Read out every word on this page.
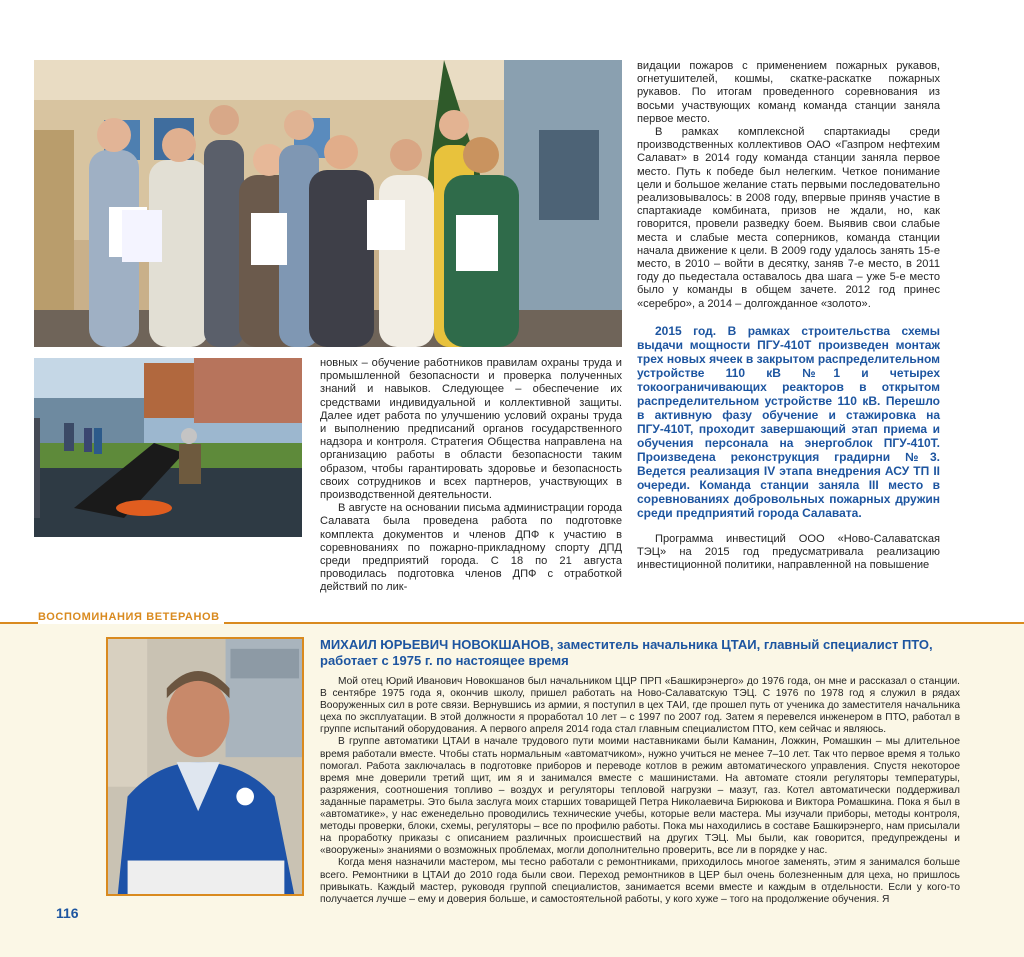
новных – обучение работников правилам охраны труда и промышленной безопасности и проверка полученных знаний и навыков. Следующее – обеспечение их средствами индивидуальной и коллективной защиты. Далее идет работа по улучшению условий охраны труда и выполнению предписаний органов государственного надзора и контроля. Стратегия Общества направлена на организацию работы в области безопасности таким образом, чтобы гарантировать здоровье и безопасность своих сотрудников и всех партнеров, участвующих в производственной деятельности.

В августе на основании письма администрации города Салавата была проведена работа по подготовке комплекта документов и членов ДПФ к участию в соревнованиях по пожарно-прикладному спорту ДПД среди предприятий города. С 18 по 21 августа проводилась подготовка членов ДПФ с отработкой действий по лик-

видации пожаров с применением пожарных рукавов, огнетушителей, кошмы, скатке-раскатке пожарных рукавов. По итогам проведенного соревнования из восьми участвующих команд команда станции заняла первое место.

В рамках комплексной спартакиады среди производственных коллективов ОАО «Газпром нефтехим Салават» в 2014 году команда станции заняла первое место. Путь к победе был нелегким. Четкое понимание цели и большое желание стать первыми последовательно реализовывалось: в 2008 году, впервые приняв участие в спартакиаде комбината, призов не ждали, но, как говорится, провели разведку боем. Выявив свои слабые места и слабые места соперников, команда станции начала движение к цели. В 2009 году удалось занять 15-е место, в 2010 – войти в десятку, заняв 7-е место, в 2011 году до пьедестала оставалось два шага – уже 5-е место было у команды в общем зачете. 2012 год принес «серебро», а 2014 – долгожданное «золото».

2015 год. В рамках строительства схемы выдачи мощности ПГУ-410Т произведен монтаж трех новых ячеек в закрытом распределительном устройстве 110 кВ №1 и четырех токоограничивающих реакторов в открытом распределительном устройстве 110 кВ. Перешло в активную фазу обучение и стажировка на ПГУ-410Т, проходит завершающий этап приема и обучения персонала на энергоблок ПГУ-410Т. Произведена реконструкция градирни №3. Ведется реализация IV этапа внедрения АСУ ТП II очереди. Команда станции заняла III место в соревнованиях добровольных пожарных дружин среди предприятий города Салавата.

Программа инвестиций ООО «Ново-Салаватская ТЭЦ» на 2015 год предусматривала реализацию инвестиционной политики, направленной на повышение

ВОСПОМИНАНИЯ ВЕТЕРАНОВ
МИХАИЛ ЮРЬЕВИЧ НОВОКШАНОВ, заместитель начальника ЦТАИ, главный специалист ПТО, работает с 1975 г. по настоящее время

Мой отец Юрий Иванович Новокшанов был начальником ЦЦР ПРП «Башкирэнерго» до 1976 года, он мне и рассказал о станции. В сентябре 1975 года я, окончив школу, пришел работать на Ново-Салаватскую ТЭЦ. С 1976 по 1978 год я служил в рядах Вооруженных сил в роте связи. Вернувшись из армии, я поступил в цех ТАИ, где прошел путь от ученика до заместителя начальника цеха по эксплуатации. В этой должности я проработал 10 лет – с 1997 по 2007 год. Затем я перевелся инженером в ПТО, работал в группе испытаний оборудования. А первого апреля 2014 года стал главным специалистом ПТО, кем сейчас и являюсь.

В группе автоматики ЦТАИ в начале трудового пути моими наставниками были Каманин, Ложкин, Ромашкин – мы длительное время работали вместе. Чтобы стать нормальным «автоматчиком», нужно учиться не менее 7–10 лет. Так что первое время я только помогал. Работа заключалась в подготовке приборов и переводе котлов в режим автоматического управления. Спустя некоторое время мне доверили третий щит, им я и занимался вместе с машинистами. На автомате стояли регуляторы температуры, разряжения, соотношения топливо – воздух и регуляторы тепловой нагрузки – мазут, газ. Котел автоматически поддерживал заданные параметры. Это была заслуга моих старших товарищей Петра Николаевича Бирюкова и Виктора Ромашкина. Пока я был в «автоматике», у нас еженедельно проводились технические учебы, которые вели мастера. Мы изучали приборы, методы контроля, методы проверки, блоки, схемы, регуляторы – все по профилю работы. Пока мы находились в составе Башкирэнерго, нам присылали на проработку приказы с описанием различных происшествий на других ТЭЦ. Мы были, как говорится, предупреждены и «вооружены» знаниями о возможных проблемах, могли дополнительно проверить, все ли в порядке у нас.

Когда меня назначили мастером, мы тесно работали с ремонтниками, приходилось многое заменять, этим я занимался больше всего. Ремонтники в ЦТАИ до 2010 года были свои. Переход ремонтников в ЦЕР был очень болезненным для цеха, но пришлось привыкать. Каждый мастер, руководя группой специалистов, занимается всеми вместе и каждым в отдельности. Если у кого-то получается лучше – ему и доверия больше, и самостоятельной работы, у кого хуже – того на продолжение обучения. Я

116
